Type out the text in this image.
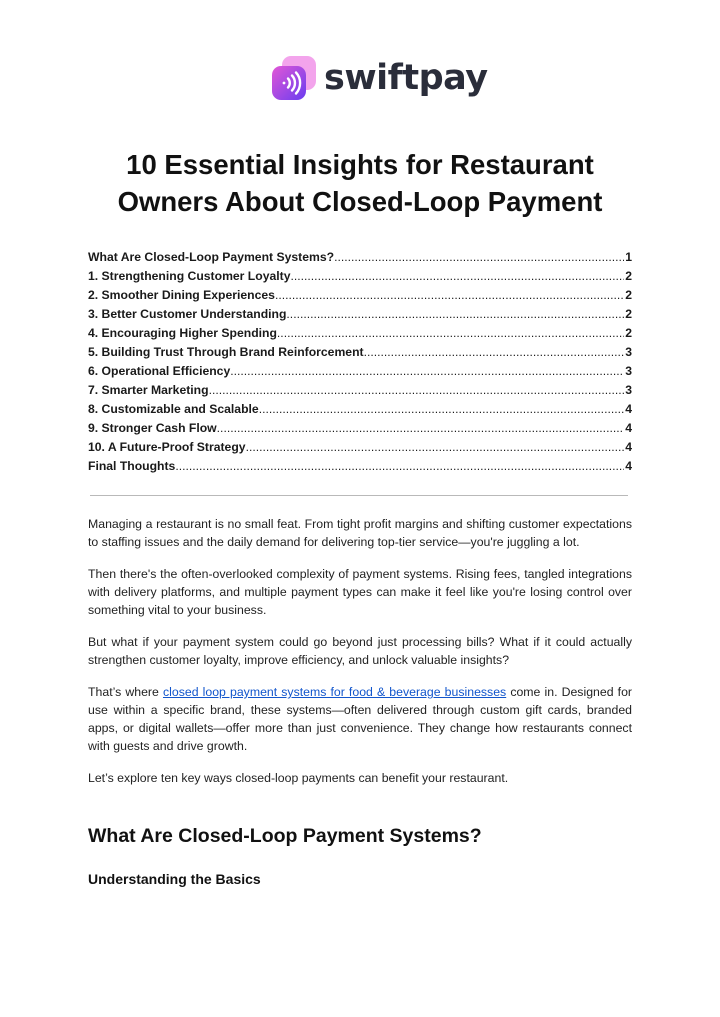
swiftpay
10 Essential Insights for Restaurant
Owners About Closed-Loop Payment
What Are Closed-Loop Payment Systems? .....	1
1. Strengthening Customer Loyalty .....	2
2. Smoother Dining Experiences .....	2
3. Better Customer Understanding .....	2
4. Encouraging Higher Spending .....	2
5. Building Trust Through Brand Reinforcement .....	3
6. Operational Efficiency .....	3
7. Smarter Marketing .....	3
8. Customizable and Scalable .....	4
9. Stronger Cash Flow .....	4
10. A Future-Proof Strategy .....	4
Final Thoughts .....	4

Managing a restaurant is no small feat. From tight profit margins and shifting customer expectations to staffing issues and the daily demand for delivering top-tier service—you're juggling a lot.

Then there's the often-overlooked complexity of payment systems. Rising fees, tangled integrations with delivery platforms, and multiple payment types can make it feel like you're losing control over something vital to your business.

But what if your payment system could go beyond just processing bills? What if it could actually strengthen customer loyalty, improve efficiency, and unlock valuable insights?

That’s where closed loop payment systems for food & beverage businesses come in. Designed for use within a specific brand, these systems—often delivered through custom gift cards, branded apps, or digital wallets—offer more than just convenience. They change how restaurants connect with guests and drive growth.

Let’s explore ten key ways closed-loop payments can benefit your restaurant.

What Are Closed-Loop Payment Systems?
Understanding the Basics
